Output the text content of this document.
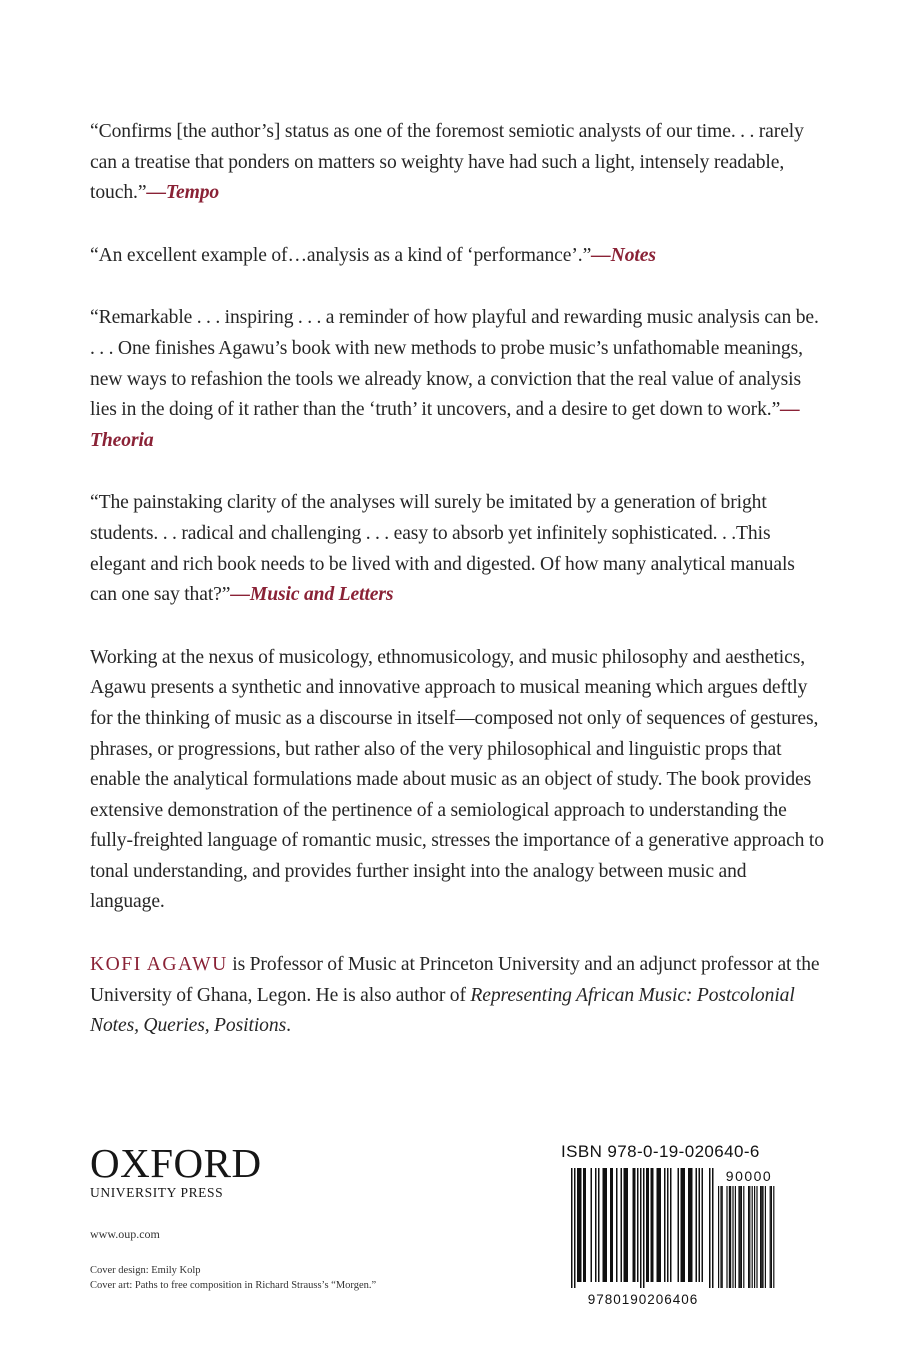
“Confirms [the author’s] status as one of the foremost semiotic analysts of our time. . . rarely can a treatise that ponders on matters so weighty have had such a light, intensely readable, touch.”—Tempo

“An excellent example of…analysis as a kind of ‘performance’.”—Notes

“Remarkable . . . inspiring . . . a reminder of how playful and rewarding music analysis can be. . . . One finishes Agawu’s book with new methods to probe music’s unfathomable meanings, new ways to refashion the tools we already know, a conviction that the real value of analysis lies in the doing of it rather than the ‘truth’ it uncovers, and a desire to get down to work.”—Theoria

“The painstaking clarity of the analyses will surely be imitated by a generation of bright students. . . radical and challenging . . . easy to absorb yet infinitely sophisticated. . .This elegant and rich book needs to be lived with and digested. Of how many analytical manuals can one say that?”—Music and Letters

Working at the nexus of musicology, ethnomusicology, and music philosophy and aesthetics, Agawu presents a synthetic and innovative approach to musical meaning which argues deftly for the thinking of music as a discourse in itself—composed not only of sequences of gestures, phrases, or progressions, but rather also of the very philosophical and linguistic props that enable the analytical formulations made about music as an object of study. The book provides extensive demonstration of the pertinence of a semiological approach to understanding the fully-freighted language of romantic music, stresses the importance of a generative approach to tonal understanding, and provides further insight into the analogy between music and language.

KOFI AGAWU is Professor of Music at Princeton University and an adjunct professor at the University of Ghana, Legon. He is also author of Representing African Music: Postcolonial Notes, Queries, Positions.

OXFORD
UNIVERSITY PRESS
www.oup.com
Cover design: Emily Kolp
Cover art: Paths to free composition in Richard Strauss’s “Morgen.”
ISBN 978-0-19-020640-6
90000
9780190206406
